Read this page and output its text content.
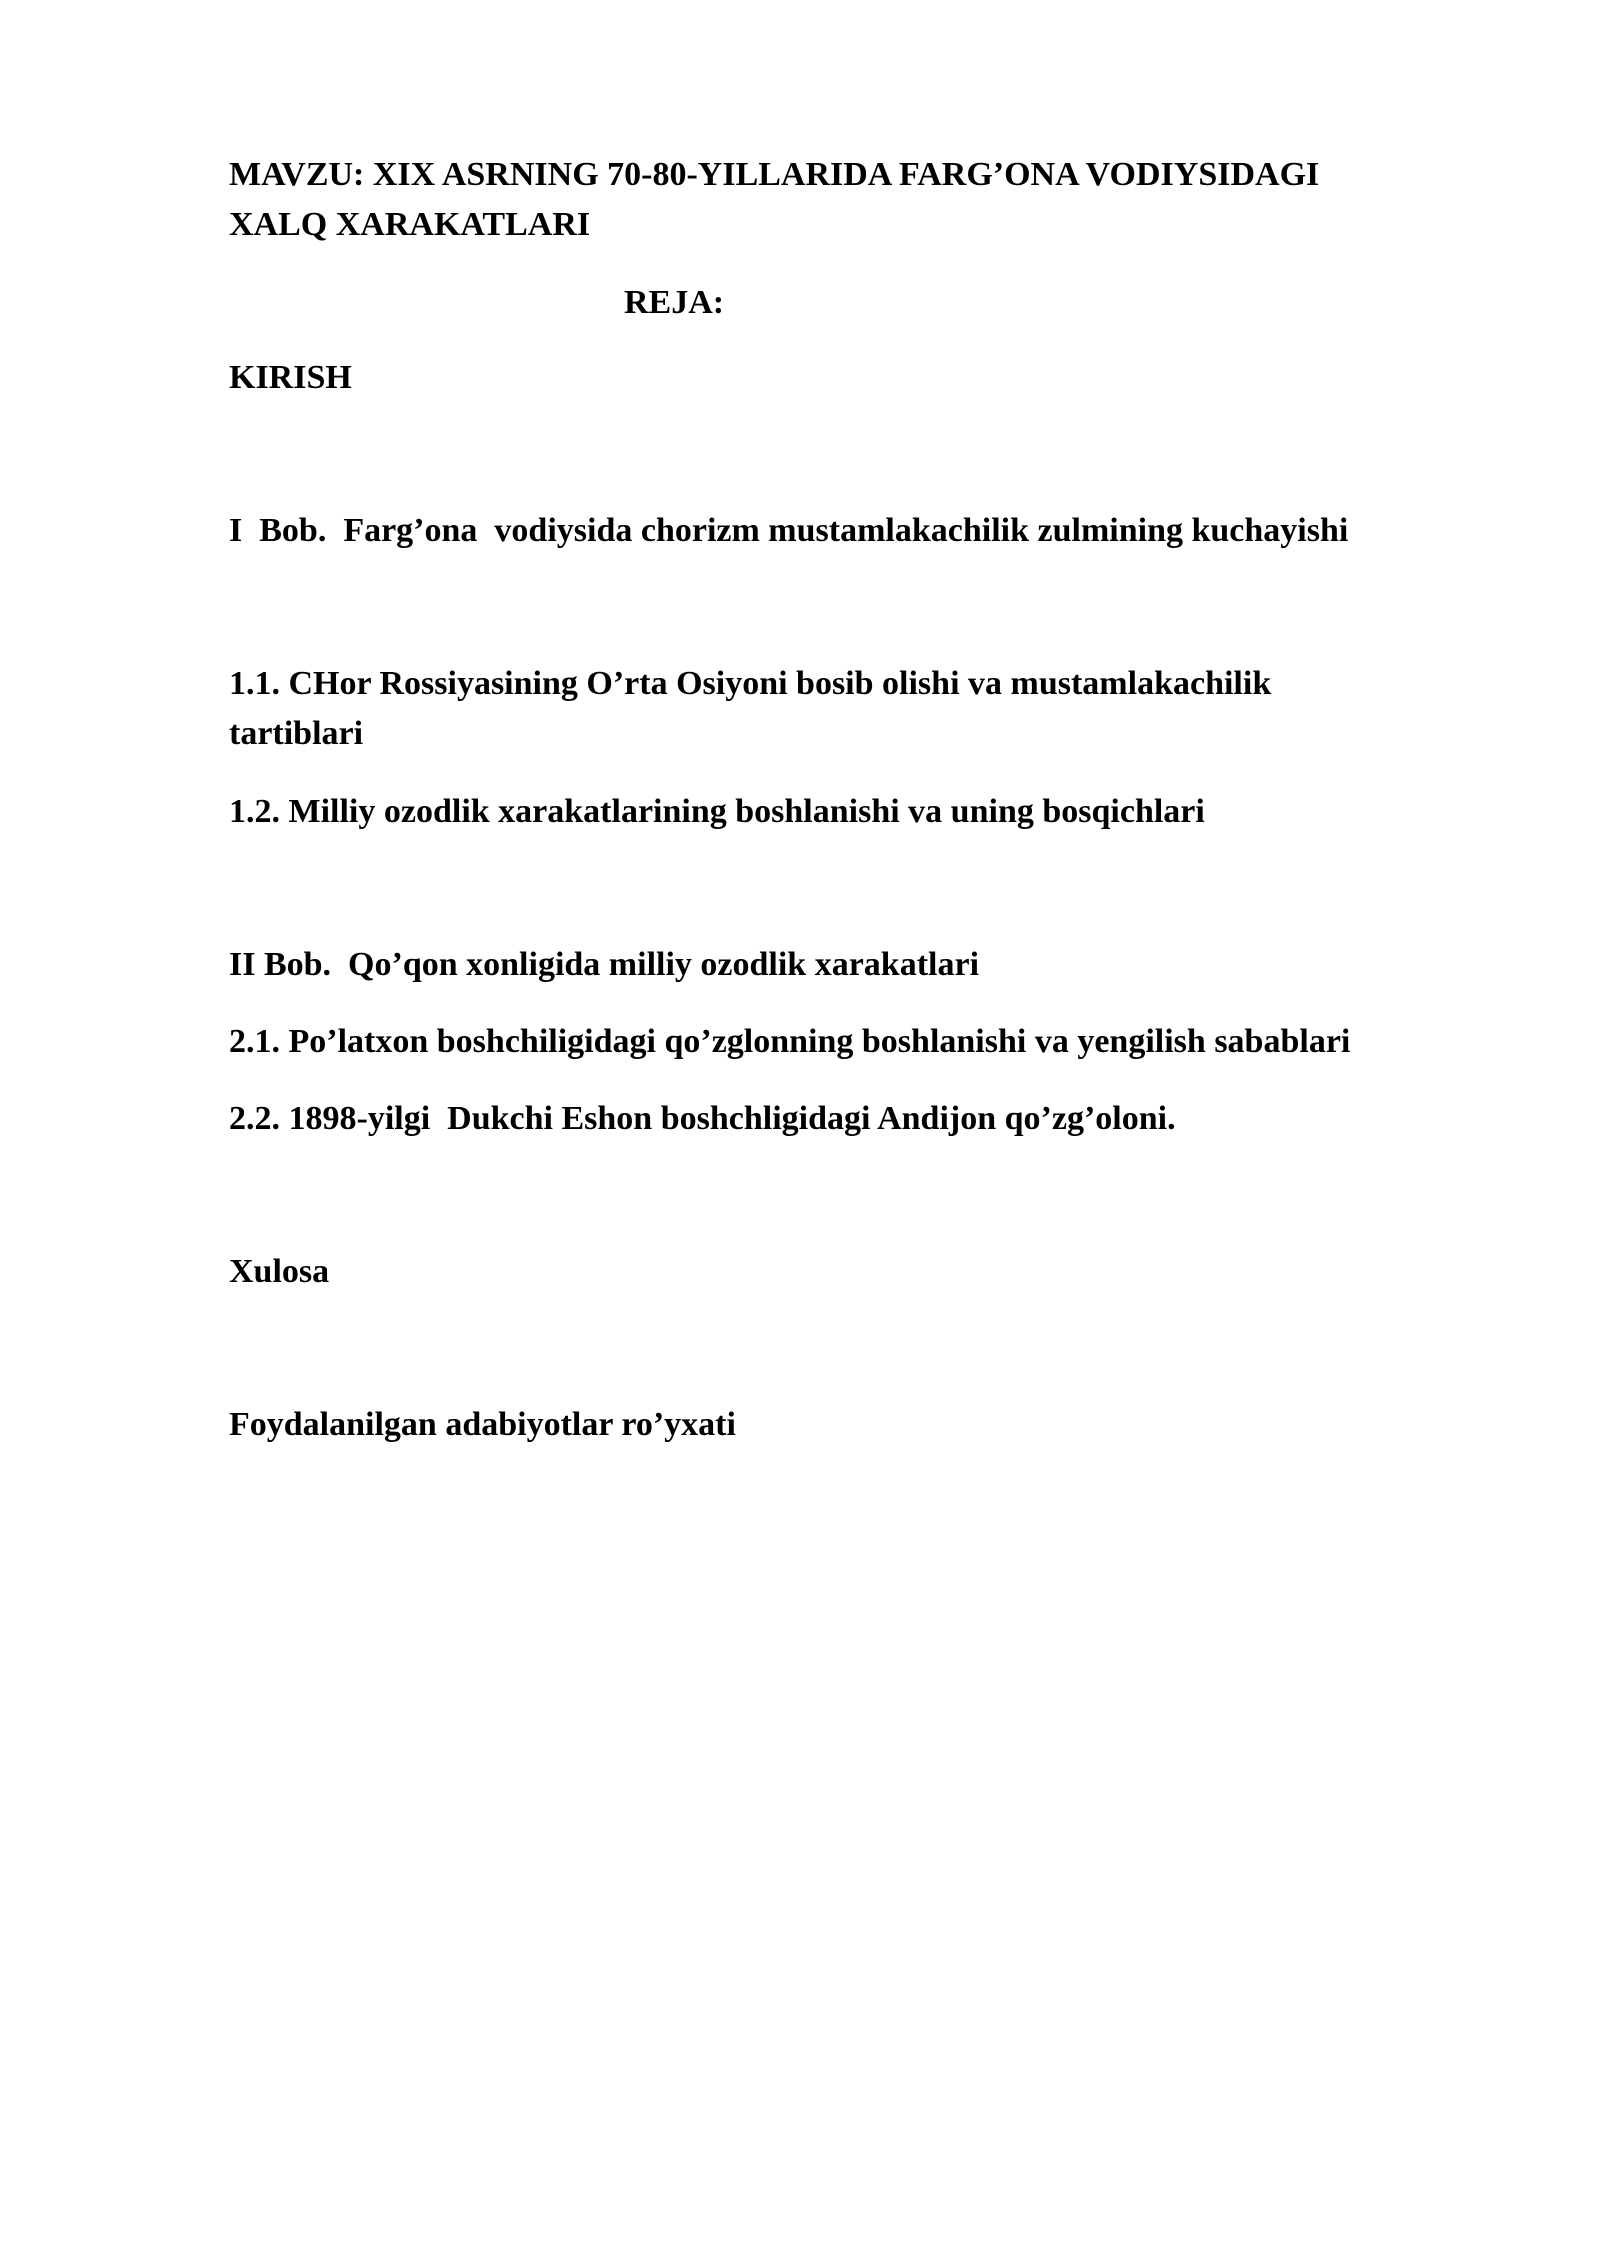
MAVZU: XIX ASRNING 70-80-YILLARIDA FARG’ONA VODIYSIDAGI

XALQ XARAKATLARI

REJA:

KIRISH

I  Bob.  Farg’ona  vodiysida chorizm mustamlakachilik zulmining kuchayishi

1.1. CHor Rossiyasining O’rta Osiyoni bosib olishi va mustamlakachilik

tartiblari

1.2. Milliy ozodlik xarakatlarining boshlanishi va uning bosqichlari

II Bob.  Qo’qon xonligida milliy ozodlik xarakatlari

2.1. Po’latxon boshchiligidagi qo’zglonning boshlanishi va yengilish sabablari

2.2. 1898-yilgi  Dukchi Eshon boshchligidagi Andijon qo’zg’oloni.

Xulosa

Foydalanilgan adabiyotlar ro’yxati
